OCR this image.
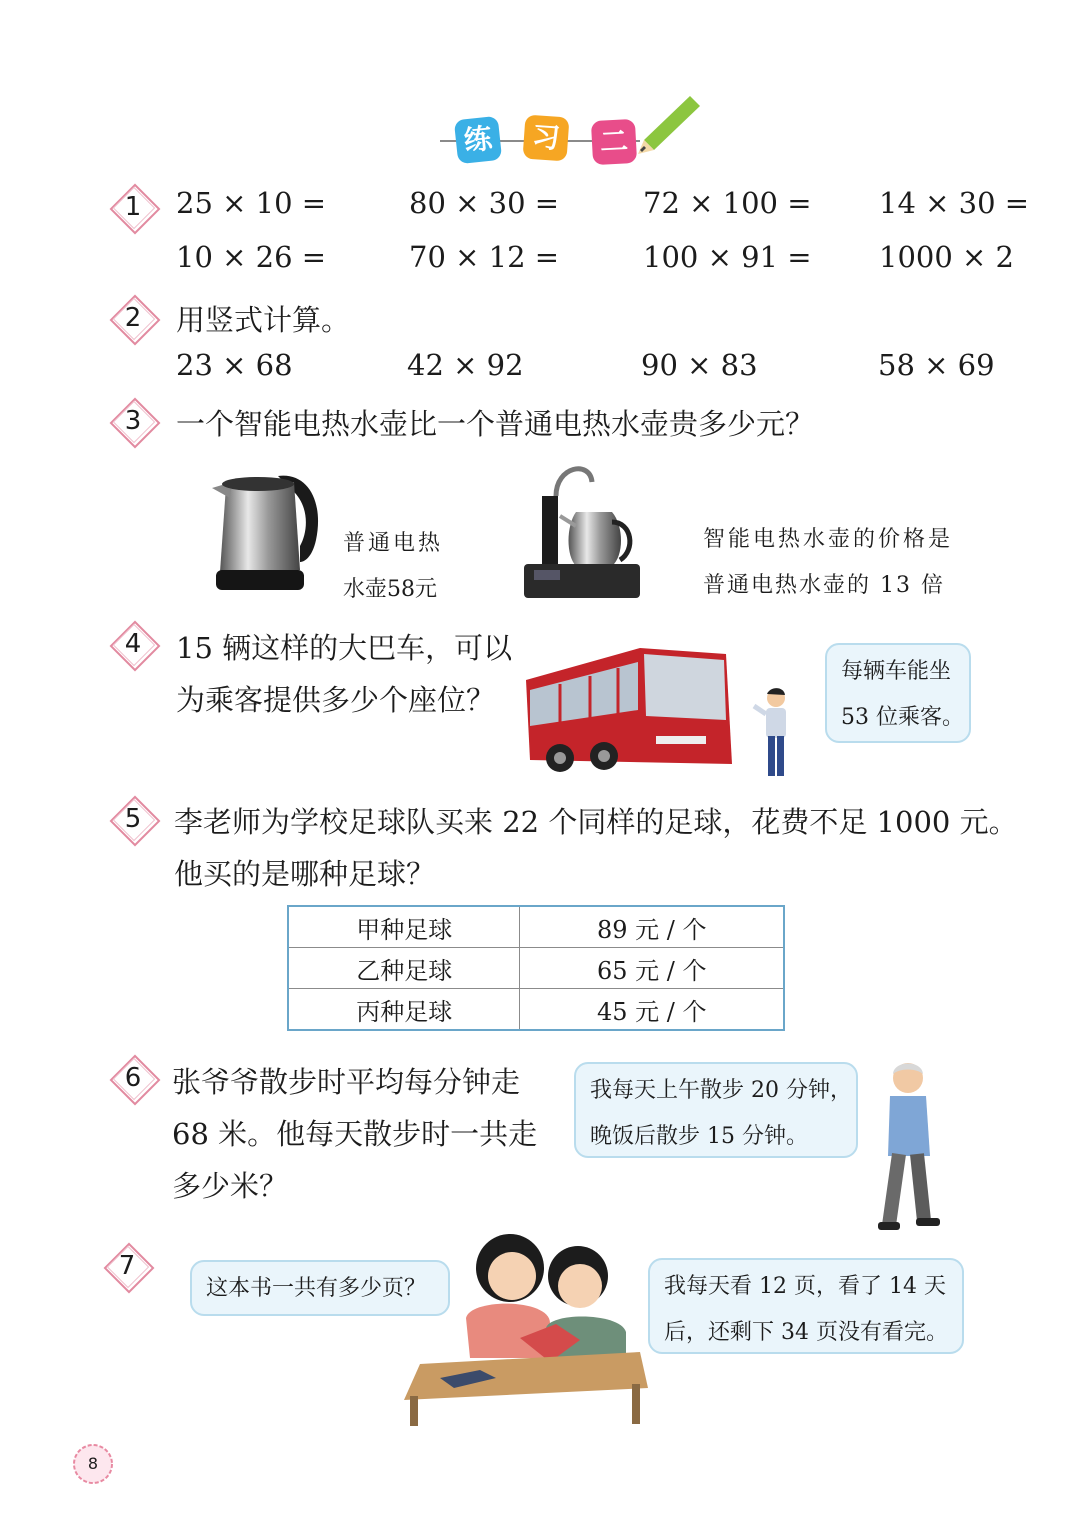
练	习 二
1	25 × 10 =	80 × 30 =	72 × 100 = 14 × 30 =
10 × 26 =	70 × 12 =	100 × 91 = 1000 × 2
2	用竖式计算。
23 × 68	42 × 92	90 × 83	58 × 69
3	一个智能电热水壶比一个普通电热水壶贵多少元？
普通电热
水壶58元
智能电热水壶的价格是
普通电热水壶的 13 倍
4	15 辆这样的大巴车，可以
为乘客提供多少个座位？
每辆车能坐
53 位乘客。
5	李老师为学校足球队买来 22 个同样的足球，花费不足 1000 元。
他买的是哪种足球？
甲种足球	89 元 / 个
乙种足球	65 元 / 个
丙种足球	45 元 / 个
6	张爷爷散步时平均每分钟走
68 米。他每天散步时一共走
多少米？
我每天上午散步 20 分钟，
晚饭后散步 15 分钟。
7
这本书一共有多少页？	我每天看 12 页，看了 14 天
后，还剩下 34 页没有看完。
8
